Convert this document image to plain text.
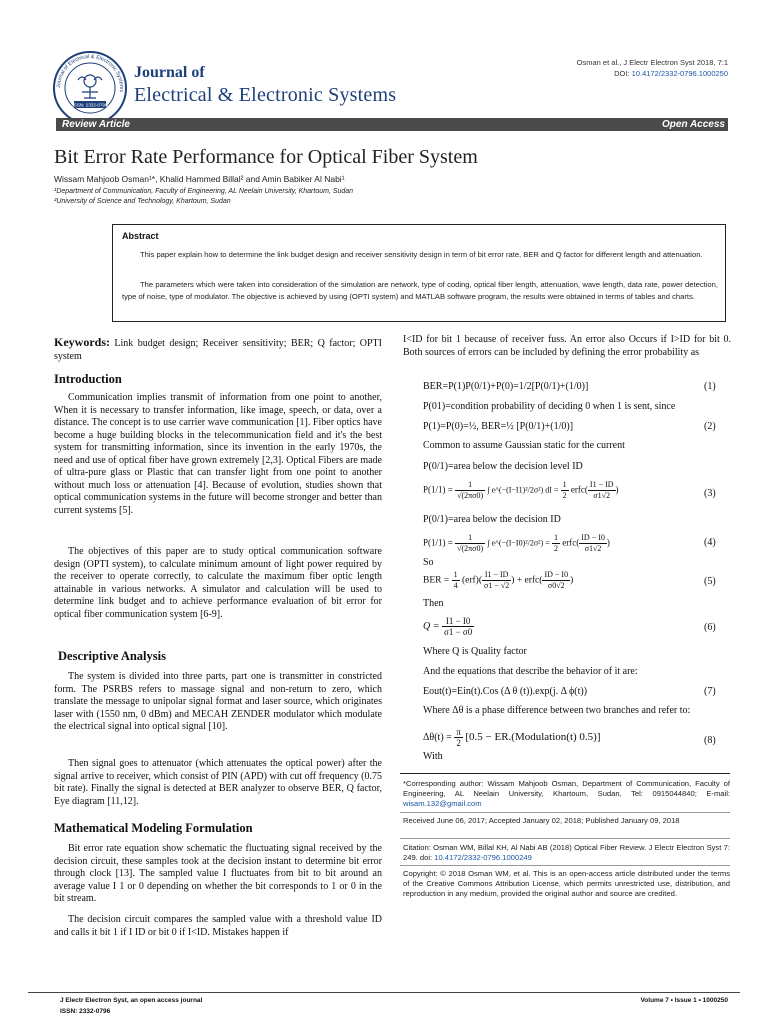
Journal of Electrical & Electronic Systems
ISSN: 2332-0796
Journal of
Electrical & Electronic Systems
Osman et al., J Electr Electron Syst 2018, 7:1
DOI: 10.4172/2332-0796.1000250
Review Article	Open Access
Bit Error Rate Performance for Optical Fiber System
Wissam Mahjoob Osman¹*, Khalid Hammed Billal² and Amin Babiker Al Nabi¹
¹Department of Communication, Faculty of Engineering, AL Neelain University, Khartoum, Sudan
²University of Science and Technology, Khartoum, Sudan
Abstract
This paper explain how to determine the link budget design and receiver sensitivity design in term of bit error rate, BER and Q factor for different length and attenuation.
The parameters which were taken into consideration of the simulation are network, type of coding, optical fiber length, attenuation, wave length, data rate, power detection, type of noise, type of modulator. The objective is achieved by using (OPTI system) and MATLAB software program, the results were obtained in terms of tables and charts.
Keywords: Link budget design; Receiver sensitivity; BER; Q factor; OPTI system
Introduction
Communication implies transmit of information from one point to another, When it is necessary to transfer information, like image, speech, or data, over a distance. The concept is to use carrier wave communication [1]. Fiber optics have become a huge building blocks in the telecommunication field and it's the best system for transmitting information, since its invention in the early 1970s, the need and use of optical fiber have grown extremely [2,3]. Optical Fibers are made of ultra-pure glass or Plastic that can transfer light from one point to another without much loss or attenuation [4]. Because of evolution, studies shown that optical communication systems in the future will become stronger and better than current systems [5].
The objectives of this paper are to study optical communication software design (OPTI system), to calculate minimum amount of light power required by the receiver to operate correctly, to calculate the maximum fiber optic length attainable in various networks. A simulator and calculation will be used to determine link budget and to achieve performance evaluation of bit error for optical fiber communication system [6-9].
Descriptive Analysis
The system is divided into three parts, part one is transmitter in constricted form. The PSRBS refers to massage signal and non-return to zero, which translate the message to unipolar signal format and laser source, which originates laser with (1550 nm, 0 dBm) and MECAH ZENDER modulator which modulate the electrical signal into optical signal [10].
Then signal goes to attenuator (which attenuates the optical power) after the signal arrive to receiver, which consist of PIN (APD) with cut off frequency (0.75 bit rate). Finally the signal is detected at BER analyzer to observe BER, Q factor, Eye diagram [11,12].
Mathematical Modeling Formulation
Bit error rate equation show schematic the fluctuating signal received by the decision circuit, these samples took at the decision instant to determine bit error through clock [13]. The sampled value I fluctuates from bit to bit around an average value I 1 or 0 depending on whether the bit corresponds to 1 or 0 in the bit stream.
The decision circuit compares the sampled value with a threshold value ID and calls it bit 1 if I ID or bit 0 if I<ID. Mistakes happen if
I<ID for bit 1 because of receiver fuss. An error also Occurs if I>ID for bit 0. Both sources of errors can be included by defining the error probability as
BER=P(1)P(0/1)+P(0)=1/2[P(0/1)+(1/0)]	(1)
P(01)=condition probability of deciding 0 when 1 is sent, since
P(1)=P(0)=½, BER=½ [P(0/1)+(1/0)]	(2)
Common to assume Gaussian static for the current
P(0/1)=area below the decision level ID
$P(1/1) = \frac{1}{√(2\pi\sigma 0)}$ ∫ e^(−(I−I1)²/2σ²) dI = $\frac{1}{2}$ erfc( $\frac{I1 - ID}{\sigma 1√2}$ )	(3)
P(0/1)=area below the decision ID
$P(1/1) = \frac{1}{√(2\pi\sigma 0)}$ ∫ e^(−(I−I0)²/2σ²) = $\frac{1}{2}$ erfc( $\frac{ID - I0}{\sigma 1√2}$ )	(4)
So
BER = $\frac{1}{4} (erf)( \frac{I1 - ID}{\sigma 1 - √2}$ ) + erfc( $\frac{ID - I0}{\sigma 0√2}$ )	(5)
Then
$Q = \frac{I1 - I0}{\sigma 1 - \sigma 0}$	(6)
Where Q is Quality factor
And the equations that describe the behavior of it are:
Eout(t)=Ein(t).Cos (Δ θ (t)).exp(j. Δ ϕ(t))	(7)
Where Δθ is a phase difference between two branches and refer to:
$\Delta\theta(t) = \frac{\pi}{2} [0.5$ − ER.(Modulation(t) 0.5)]	(8)
With
*Corresponding author: Wissam Mahjoob Osman, Department of Communication, Faculty of Engineering, AL Neelain University, Khartoum, Sudan, Tel: 0915044840; E-mail: wisam.132@gmail.com
Received June 06, 2017; Accepted January 02, 2018; Published January 09, 2018
Citation: Osman WM, Billal KH, Al Nabi AB (2018) Optical Fiber Review. J Electr Electron Syst 7: 249. doi: 10.4172/2332-0796.1000249
Copyright: © 2018 Osman WM, et al. This is an open-access article distributed under the terms of the Creative Commons Attribution License, which permits unrestricted use, distribution, and reproduction in any medium, provided the original author and source are credited.
J Electr Electron Syst, an open access journal
ISSN: 2332-0796
Volume 7 • Issue 1 • 1000250
